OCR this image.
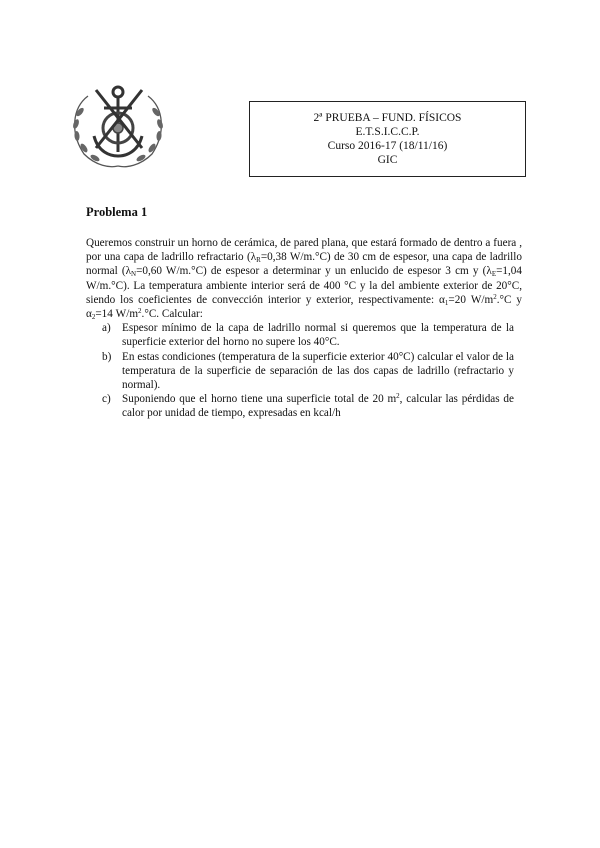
2ª PRUEBA – FUND. FÍSICOS
E.T.S.I.C.C.P.
Curso 2016-17 (18/11/16)
GIC
Problema 1

Queremos construir un horno de cerámica, de pared plana, que estará formado de dentro a fuera , por una capa de ladrillo refractario ($\lambda_R=0,38$ W/m.°C) de 30 cm de espesor, una capa de ladrillo normal ($\lambda_N=0,60$ W/m.°C) de espesor a determinar y un enlucido de espesor 3 cm y ($\lambda_E=1,04$ W/m.°C). La temperatura ambiente interior será de 400 °C y la del ambiente exterior de 20°C, siendo los coeficientes de convección interior y exterior, respectivamente: $\alpha_1=20$ $W/m^2.^\circ C$ y $\alpha_2=14$ $W/m^2.^\circ C$. Calcular:

a) Espesor mínimo de la capa de ladrillo normal si queremos que la temperatura de la superficie exterior del horno no supere los 40°C.
b) En estas condiciones (temperatura de la superficie exterior 40°C) calcular el valor de la temperatura de la superficie de separación de las dos capas de ladrillo (refractario y normal).
c) Suponiendo que el horno tiene una superficie total de 20 $m^2$, calcular las pérdidas de calor por unidad de tiempo, expresadas en kcal/h
